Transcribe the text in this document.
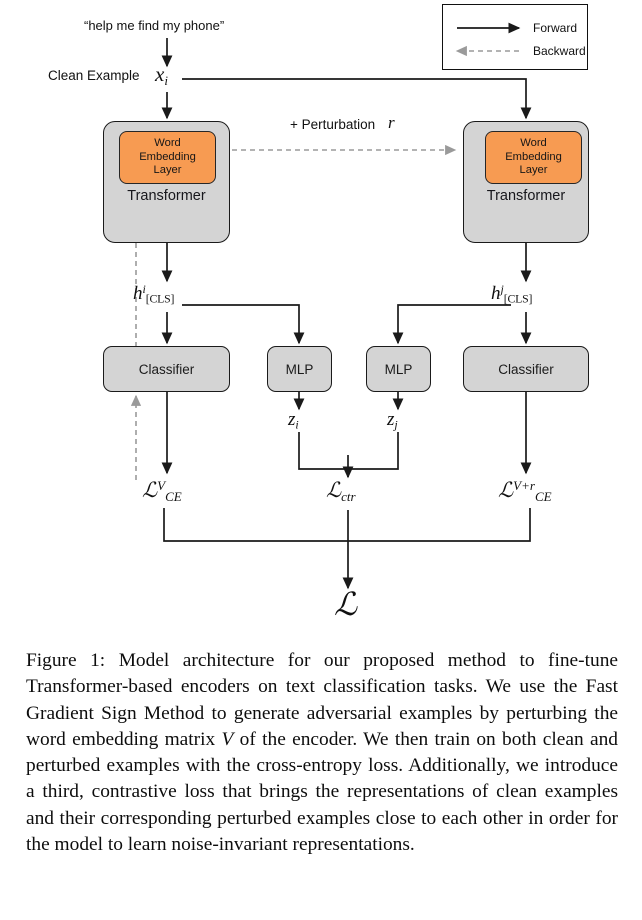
Forward
Backward
“help me find my phone”
Clean Example $x_i$
+ Perturbation r
Word
Embedding
Layer
Transformer
Word
Embedding
Layer
Transformer
$h^i_{[CLS]}$	$h^j_{[CLS]}$
Classifier	MLP	MLP	Classifier
$z_i$	$z_j$
ℒ$^V_{CE}$	ℒ$_{ctr}$	ℒ$^{V+r}_{CE}$
ℒ
Figure 1: Model architecture for our proposed method to fine-tune Transformer-based encoders on text classification tasks. We use the Fast Gradient Sign Method to generate adversarial examples by perturbing the word embedding matrix V of the encoder. We then train on both clean and perturbed examples with the cross-entropy loss. Additionally, we introduce a third, contrastive loss that brings the representations of clean examples and their corresponding perturbed examples close to each other in order for the model to learn noise-invariant representations.
